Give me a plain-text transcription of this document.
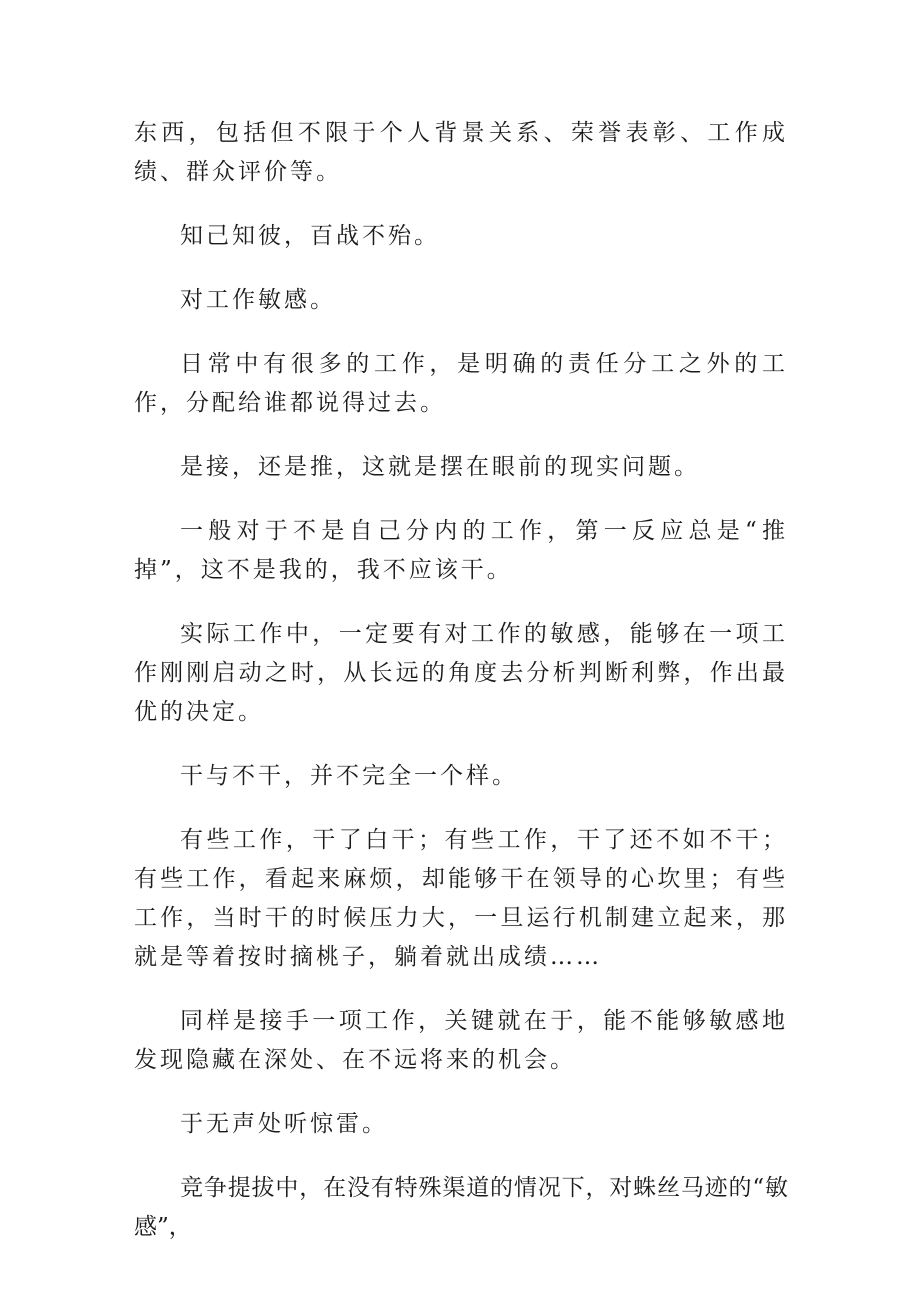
东西，包括但不限于个人背景关系、荣誉表彰、工作成绩、群众评价等。

知己知彼，百战不殆。

对工作敏感。

日常中有很多的工作，是明确的责任分工之外的工作，分配给谁都说得过去。

是接，还是推，这就是摆在眼前的现实问题。

一般对于不是自己分内的工作，第一反应总是“推掉”，这不是我的，我不应该干。

实际工作中，一定要有对工作的敏感，能够在一项工作刚刚启动之时，从长远的角度去分析判断利弊，作出最优的决定。

干与不干，并不完全一个样。

有些工作，干了白干；有些工作，干了还不如不干；有些工作，看起来麻烦，却能够干在领导的心坎里；有些工作，当时干的时候压力大，一旦运行机制建立起来，那就是等着按时摘桃子，躺着就出成绩……

同样是接手一项工作，关键就在于，能不能够敏感地发现隐藏在深处、在不远将来的机会。

于无声处听惊雷。

竞争提拔中，在没有特殊渠道的情况下，对蛛丝马迹的“敏感”，
